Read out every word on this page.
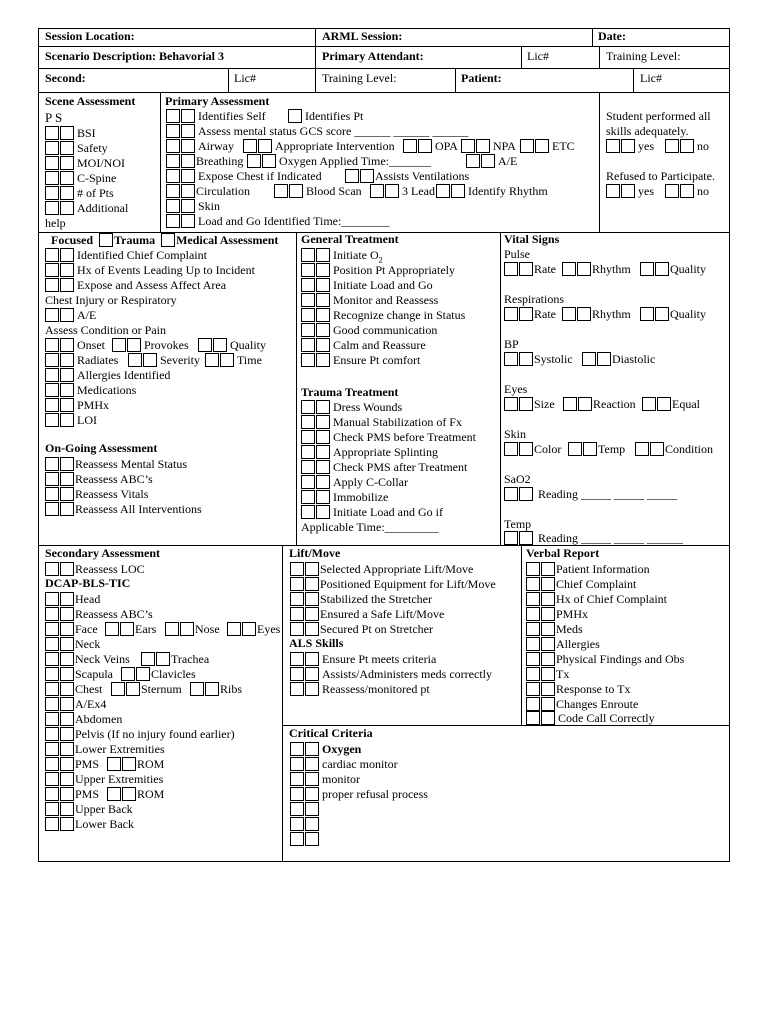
Session Location:	ARML Session:	Date:
Scenario Description: Behavorial 3	Primary Attendant:	Lic#	Training Level:
Second:	Lic#	Training Level:	Patient:	Lic#
Scene Assessment
P S
BSI
Safety
MOI/NOI
C-Spine
# of Pts
Additional
help
Primary Assessment
Identifies Self	Identifies Pt
Assess mental status GCS score ______ ______ ______
Airway	Appropriate Intervention	OPA	NPA	ETC
Breathing	Oxygen Applied Time:_______	A/E
Expose Chest if Indicated	Assists Ventilations
Circulation	Blood Scan	3 Lead	Identify Rhythm
Skin
Load and Go Identified Time:________
Student performed all
skills adequately.
yes	no
Refused to Participate.
yes	no
Focused Trauma Medical Assessment
Identified Chief Complaint
Hx of Events Leading Up to Incident
Expose and Assess Affect Area
Chest Injury or Respiratory
A/E
Assess Condition or Pain
Onset	Provokes	Quality
Radiates	Severity	Time
Allergies Identified
Medications
PMHx
LOI
On-Going Assessment
Reassess Mental Status
Reassess ABC’s
Reassess Vitals
Reassess All Interventions
General Treatment
Initiate $O_2$
Position Pt Appropriately
Initiate Load and Go
Monitor and Reassess
Recognize change in Status
Good communication
Calm and Reassure
Ensure Pt comfort
Trauma Treatment
Dress Wounds
Manual Stabilization of Fx
Check PMS before Treatment
Appropriate Splinting
Check PMS after Treatment
Apply C-Collar
Immobilize
Initiate Load and Go if
Applicable Time:_________
Vital Signs
Pulse
Rate	Rhythm	Quality
Respirations
Rate	Rhythm	Quality
BP
Systolic	Diastolic
Eyes
Size	Reaction	Equal
Skin
Color	Temp	Condition
SaO2
Reading _____ _____ _____
Temp
Reading _____ _____ ______
Secondary Assessment
Reassess LOC
DCAP-BLS-TIC
Head
Reassess ABC’s
Face	Ears	Nose	Eyes
Neck
Neck Veins	Trachea
Scapula	Clavicles
Chest	Sternum	Ribs
A/Ex4
Abdomen
Pelvis (If no injury found earlier)
Lower Extremities
PMS	ROM
Upper Extremities
PMS	ROM
Upper Back
Lower Back
Lift/Move
Selected Appropriate Lift/Move
Positioned Equipment for Lift/Move
Stabilized the Stretcher
Ensured a Safe Lift/Move
Secured Pt on Stretcher
ALS Skills
Ensure Pt meets criteria
Assists/Administers meds correctly
Reassess/monitored pt
Verbal Report
Patient Information
Chief Complaint
Hx of Chief Complaint
PMHx
Meds
Allergies
Physical Findings and Obs
Tx
Response to Tx
Changes Enroute
Code Call Correctly
Critical Criteria
Oxygen
cardiac monitor
monitor
proper refusal process
